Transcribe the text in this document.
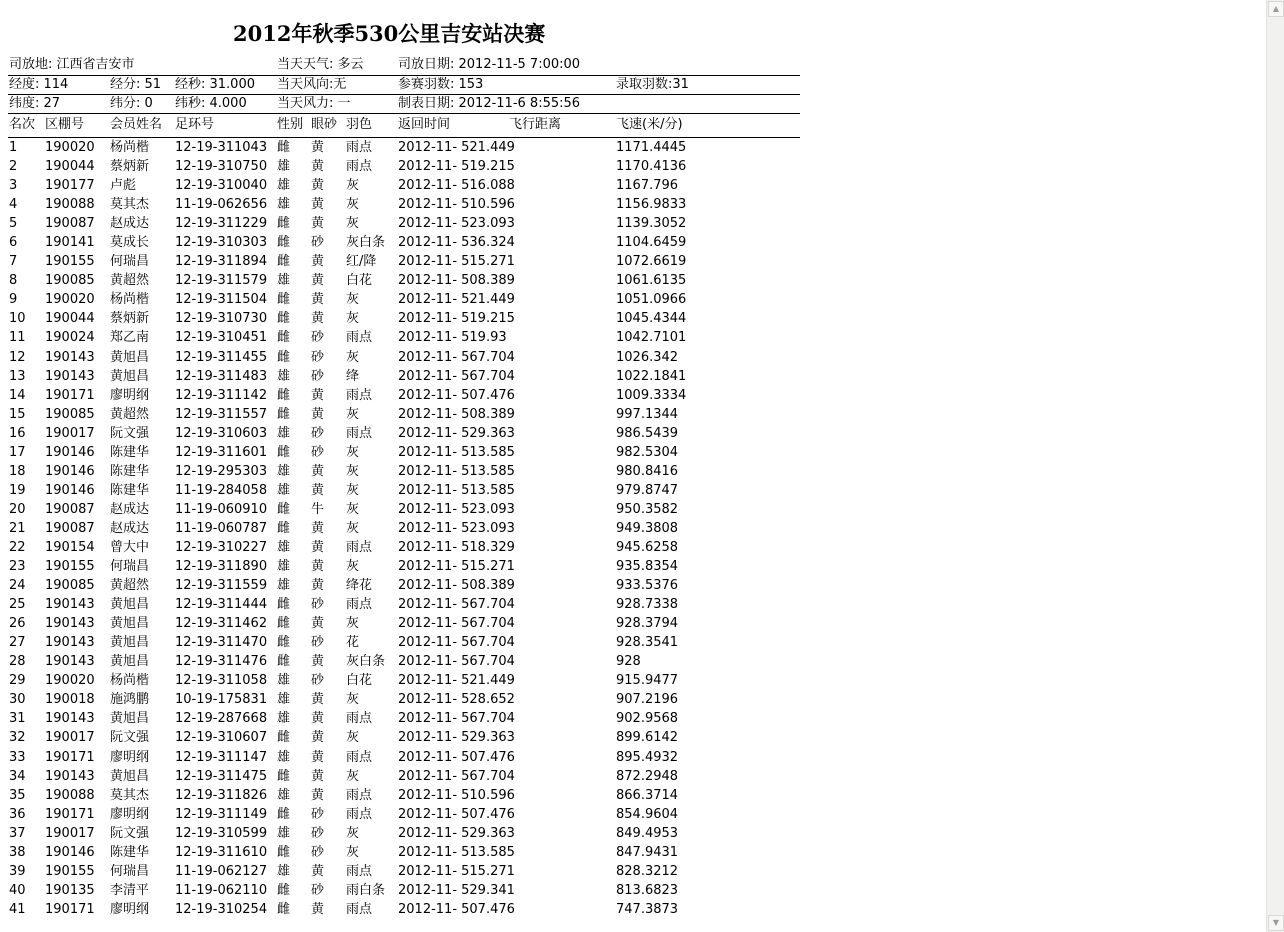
2012年秋季530公里吉安站决赛
司放地: 江西省吉安市	当天天气: 多云	司放日期: 2012-11-5 7:00:00
经度: 114	经分: 51 经秒: 31.000 当天风向:无	参赛羽数: 153	录取羽数:31
纬度: 27	纬分: 0 纬秒: 4.000 当天风力: 一	制表日期: 2012-11-6 8:55:56
名次 区棚号 会员姓名 足环号	性别 眼砂 羽色 返回时间	飞行距离	飞速(米/分)
1 190020 杨尚楷 12-19-311043 雌 黄 雨点 2012-11- 521.449	1171.4445
2 190044 蔡炳新 12-19-310750 雄 黄 雨点 2012-11- 519.215	1170.4136
3 190177 卢彪	12-19-310040 雄 黄 灰	2012-11- 516.088	1167.796
4 190088 莫其杰 11-19-062656 雄 黄 灰	2012-11- 510.596	1156.9833
5 190087 赵成达 12-19-311229 雌 黄 灰	2012-11- 523.093	1139.3052
6 190141 莫成长 12-19-310303 雌 砂 灰白条 2012-11- 536.324	1104.6459
7 190155 何瑞昌 12-19-311894 雌 黄 红/降 2012-11- 515.271	1072.6619
8 190085 黄超然 12-19-311579 雄 黄 白花 2012-11- 508.389	1061.6135
9 190020 杨尚楷 12-19-311504 雌 黄 灰	2012-11- 521.449	1051.0966
10 190044 蔡炳新 12-19-310730 雌 黄 灰	2012-11- 519.215	1045.4344
11 190024 郑乙南 12-19-310451 雌 砂 雨点 2012-11- 519.93	1042.7101
12 190143 黄旭昌 12-19-311455 雌 砂 灰	2012-11- 567.704	1026.342
13 190143 黄旭昌 12-19-311483 雄 砂 绛	2012-11- 567.704	1022.1841
14 190171 廖明纲 12-19-311142 雌 黄 雨点 2012-11- 507.476	1009.3334
15 190085 黄超然 12-19-311557 雌 黄 灰	2012-11- 508.389	997.1344
16 190017 阮文强 12-19-310603 雄 砂 雨点 2012-11- 529.363	986.5439
17 190146 陈建华 12-19-311601 雌 砂 灰	2012-11- 513.585	982.5304
18 190146 陈建华 12-19-295303 雄 黄 灰	2012-11- 513.585	980.8416
19 190146 陈建华 11-19-284058 雄 黄 灰	2012-11- 513.585	979.8747
20 190087 赵成达 11-19-060910 雌 牛 灰	2012-11- 523.093	950.3582
21 190087 赵成达 11-19-060787 雌 黄 灰	2012-11- 523.093	949.3808
22 190154 曾大中 12-19-310227 雄 黄 雨点 2012-11- 518.329	945.6258
23 190155 何瑞昌 12-19-311890 雄 黄 灰	2012-11- 515.271	935.8354
24 190085 黄超然 12-19-311559 雄 黄 绛花 2012-11- 508.389	933.5376
25 190143 黄旭昌 12-19-311444 雌 砂 雨点 2012-11- 567.704	928.7338
26 190143 黄旭昌 12-19-311462 雌 黄 灰	2012-11- 567.704	928.3794
27 190143 黄旭昌 12-19-311470 雌 砂 花	2012-11- 567.704	928.3541
28 190143 黄旭昌 12-19-311476 雌 黄 灰白条 2012-11- 567.704	928
29 190020 杨尚楷 12-19-311058 雄 砂 白花 2012-11- 521.449	915.9477
30 190018 施鸿鹏 10-19-175831 雄 黄 灰	2012-11- 528.652	907.2196
31 190143 黄旭昌 12-19-287668 雄 黄 雨点 2012-11- 567.704	902.9568
32 190017 阮文强 12-19-310607 雌 黄 灰	2012-11- 529.363	899.6142
33 190171 廖明纲 12-19-311147 雄 黄 雨点 2012-11- 507.476	895.4932
34 190143 黄旭昌 12-19-311475 雌 黄 灰	2012-11- 567.704	872.2948
35 190088 莫其杰 12-19-311826 雄 黄 雨点 2012-11- 510.596	866.3714
36 190171 廖明纲 12-19-311149 雌 砂 雨点 2012-11- 507.476	854.9604
37 190017 阮文强 12-19-310599 雄 砂 灰	2012-11- 529.363	849.4953
38 190146 陈建华 12-19-311610 雌 砂 灰	2012-11- 513.585	847.9431
39 190155 何瑞昌 11-19-062127 雄 黄 雨点 2012-11- 515.271	828.3212
40 190135 李清平 11-19-062110 雌 砂 雨白条 2012-11- 529.341	813.6823
41 190171 廖明纲 12-19-310254 雌 黄 雨点 2012-11- 507.476	747.3873
▲
▼
